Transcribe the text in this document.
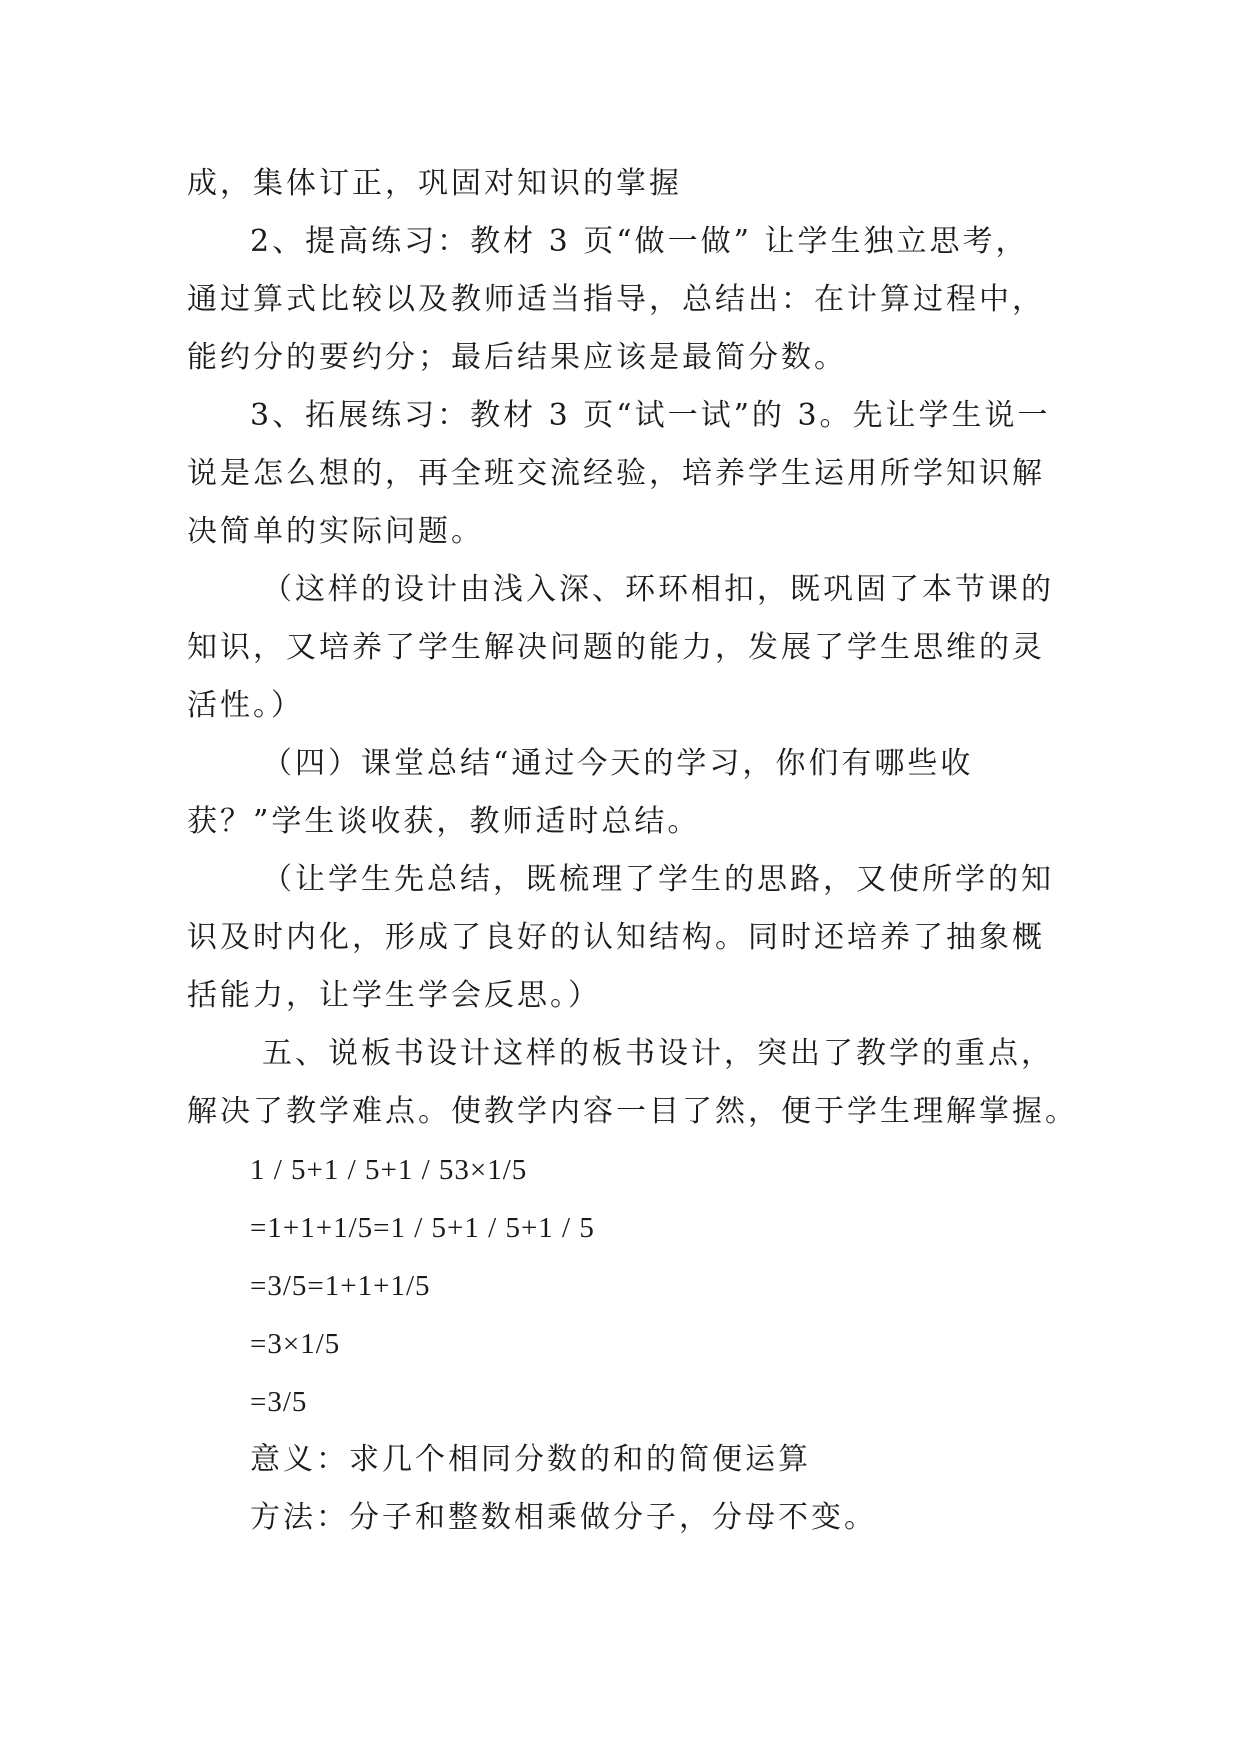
成，集体订正，巩固对知识的掌握
2、提高练习：教材 3 页“做一做” 让学生独立思考，
通过算式比较以及教师适当指导，总结出：在计算过程中，
能约分的要约分；最后结果应该是最简分数。
3、拓展练习：教材 3 页“试一试”的 3。先让学生说一
说是怎么想的，再全班交流经验，培养学生运用所学知识解
决简单的实际问题。
（这样的设计由浅入深、环环相扣，既巩固了本节课的
知识，又培养了学生解决问题的能力，发展了学生思维的灵
活性。）
（四）课堂总结“通过今天的学习，你们有哪些收
获？”学生谈收获，教师适时总结。
（让学生先总结，既梳理了学生的思路，又使所学的知
识及时内化，形成了良好的认知结构。同时还培养了抽象概
括能力，让学生学会反思。）
五、说板书设计这样的板书设计，突出了教学的重点，
解决了教学难点。使教学内容一目了然，便于学生理解掌握。
1 / 5+1 / 5+1 / 53×1/5
=1+1+1/5=1 / 5+1 / 5+1 / 5
=3/5=1+1+1/5
=3×1/5
=3/5
意义：求几个相同分数的和的简便运算
方法：分子和整数相乘做分子，分母不变。
